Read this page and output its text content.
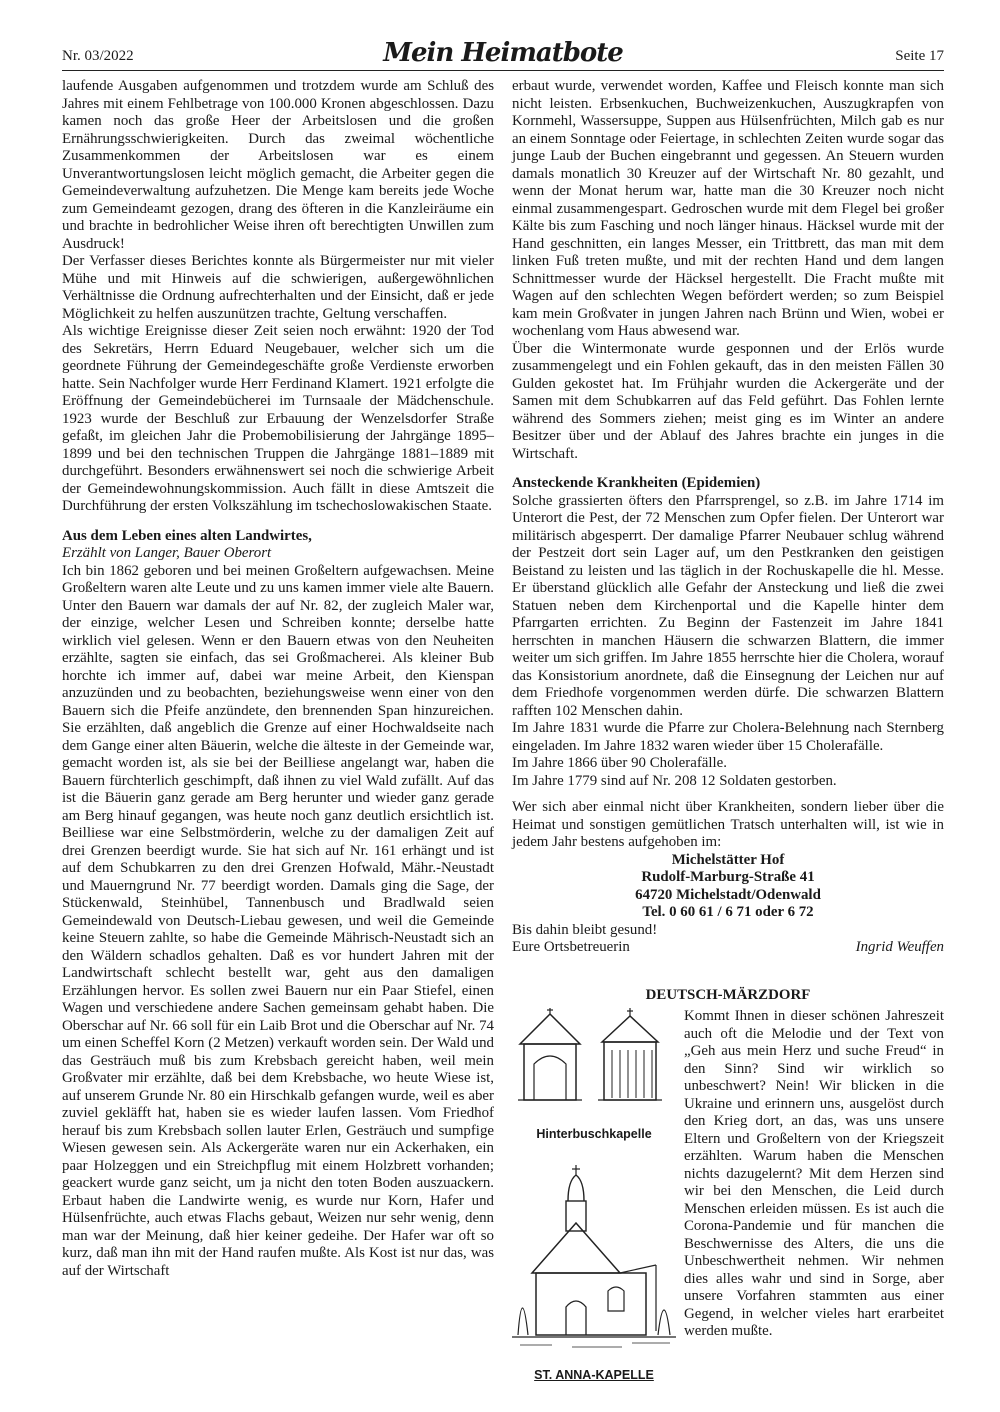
Nr. 03/2022	Mein Heimatbote	Seite 17

laufende Ausgaben aufgenommen und trotzdem wurde am Schluß des Jahres mit einem Fehlbetrage von 100.000 Kronen abgeschlossen. Dazu kamen noch das große Heer der Arbeitslosen und die großen Ernährungsschwierigkeiten. Durch das zweimal wöchentliche Zusammenkommen der Arbeitslosen war es einem Unverantwortungslosen leicht möglich gemacht, die Arbeiter gegen die Gemeindeverwaltung aufzuhetzen. Die Menge kam bereits jede Woche zum Gemeindeamt gezogen, drang des öfteren in die Kanzleiräume ein und brachte in bedrohlicher Weise ihren oft berechtigten Unwillen zum Ausdruck!

Der Verfasser dieses Berichtes konnte als Bürgermeister nur mit vieler Mühe und mit Hinweis auf die schwierigen, außergewöhnlichen Verhältnisse die Ordnung aufrechterhalten und der Einsicht, daß er jede Möglichkeit zu helfen auszunützen trachte, Geltung verschaffen.

Als wichtige Ereignisse dieser Zeit seien noch erwähnt: 1920 der Tod des Sekretärs, Herrn Eduard Neugebauer, welcher sich um die geordnete Führung der Gemeindegeschäfte große Verdienste erworben hatte. Sein Nachfolger wurde Herr Ferdinand Klamert. 1921 erfolgte die Eröffnung der Gemeindebücherei im Turnsaale der Mädchenschule. 1923 wurde der Beschluß zur Erbauung der Wenzelsdorfer Straße gefaßt, im gleichen Jahr die Probemobilisierung der Jahrgänge 1895–1899 und bei den technischen Truppen die Jahrgänge 1881–1889 mit durchgeführt. Besonders erwähnenswert sei noch die schwierige Arbeit der Gemeindewohnungskommission. Auch fällt in diese Amtszeit die Durchführung der ersten Volkszählung im tschechoslowakischen Staate.

Aus dem Leben eines alten Landwirtes,

Erzählt von Langer, Bauer Oberort

Ich bin 1862 geboren und bei meinen Großeltern aufgewachsen. Meine Großeltern waren alte Leute und zu uns kamen immer viele alte Bauern. Unter den Bauern war damals der auf Nr. 82, der zugleich Maler war, der einzige, welcher Lesen und Schreiben konnte; derselbe hatte wirklich viel gelesen. Wenn er den Bauern etwas von den Neuheiten erzählte, sagten sie einfach, das sei Großmacherei. Als kleiner Bub horchte ich immer auf, dabei war meine Arbeit, den Kienspan anzuzünden und zu beobachten, beziehungsweise wenn einer von den Bauern sich die Pfeife anzündete, den brennenden Span hinzureichen. Sie erzählten, daß angeblich die Grenze auf einer Hochwaldseite nach dem Gange einer alten Bäuerin, welche die älteste in der Gemeinde war, gemacht worden ist, als sie bei der Beilliese angelangt war, haben die Bauern fürchterlich geschimpft, daß ihnen zu viel Wald zufällt. Auf das ist die Bäuerin ganz gerade am Berg herunter und wieder ganz gerade am Berg hinauf gegangen, was heute noch ganz deutlich ersichtlich ist. Beilliese war eine Selbstmörderin, welche zu der damaligen Zeit auf drei Grenzen beerdigt wurde. Sie hat sich auf Nr. 161 erhängt und ist auf dem Schubkarren zu den drei Grenzen Hofwald, Mähr.-Neustadt und Mauerngrund Nr. 77 beerdigt worden. Damals ging die Sage, der Stückenwald, Steinhübel, Tannenbusch und Bradlwald seien Gemeindewald von Deutsch-Liebau gewesen, und weil die Gemeinde keine Steuern zahlte, so habe die Gemeinde Mährisch-Neustadt sich an den Wäldern schadlos gehalten. Daß es vor hundert Jahren mit der Landwirtschaft schlecht bestellt war, geht aus den damaligen Erzählungen hervor. Es sollen zwei Bauern nur ein Paar Stiefel, einen Wagen und verschiedene andere Sachen gemeinsam gehabt haben. Die Oberschar auf Nr. 66 soll für ein Laib Brot und die Oberschar auf Nr. 74 um einen Scheffel Korn (2 Metzen) verkauft worden sein. Der Wald und das Gesträuch muß bis zum Krebsbach gereicht haben, weil mein Großvater mir erzählte, daß bei dem Krebsbache, wo heute Wiese ist, auf unserem Grunde Nr. 80 ein Hirschkalb gefangen wurde, weil es aber zuviel gekläfft hat, haben sie es wieder laufen lassen. Vom Friedhof herauf bis zum Krebsbach sollen lauter Erlen, Gesträuch und sumpfige Wiesen gewesen sein. Als Ackergeräte waren nur ein Ackerhaken, ein paar Holzeggen und ein Streichpflug mit einem Holzbrett vorhanden; geackert wurde ganz seicht, um ja nicht den toten Boden auszuackern. Erbaut haben die Landwirte wenig, es wurde nur Korn, Hafer und Hülsenfrüchte, auch etwas Flachs gebaut, Weizen nur sehr wenig, denn man war der Meinung, daß hier keiner gedeihe. Der Hafer war oft so kurz, daß man ihn mit der Hand raufen mußte. Als Kost ist nur das, was auf der Wirtschaft

erbaut wurde, verwendet worden, Kaffee und Fleisch konnte man sich nicht leisten. Erbsenkuchen, Buchweizenkuchen, Auszugkrapfen von Kornmehl, Wassersuppe, Suppen aus Hülsenfrüchten, Milch gab es nur an einem Sonntage oder Feiertage, in schlechten Zeiten wurde sogar das junge Laub der Buchen eingebrannt und gegessen. An Steuern wurden damals monatlich 30 Kreuzer auf der Wirtschaft Nr. 80 gezahlt, und wenn der Monat herum war, hatte man die 30 Kreuzer noch nicht einmal zusammengespart. Gedroschen wurde mit dem Flegel bei großer Kälte bis zum Fasching und noch länger hinaus. Häcksel wurde mit der Hand geschnitten, ein langes Messer, ein Trittbrett, das man mit dem linken Fuß treten mußte, und mit der rechten Hand und dem langen Schnittmesser wurde der Häcksel hergestellt. Die Fracht mußte mit Wagen auf den schlechten Wegen befördert werden; so zum Beispiel kam mein Großvater in jungen Jahren nach Brünn und Wien, wobei er wochenlang vom Haus abwesend war.

Über die Wintermonate wurde gesponnen und der Erlös wurde zusammengelegt und ein Fohlen gekauft, das in den meisten Fällen 30 Gulden gekostet hat. Im Frühjahr wurden die Ackergeräte und der Samen mit dem Schubkarren auf das Feld geführt. Das Fohlen lernte während des Sommers ziehen; meist ging es im Winter an andere Besitzer über und der Ablauf des Jahres brachte ein junges in die Wirtschaft.

Ansteckende Krankheiten (Epidemien)

Solche grassierten öfters den Pfarrsprengel, so z.B. im Jahre 1714 im Unterort die Pest, der 72 Menschen zum Opfer fielen. Der Unterort war militärisch abgesperrt. Der damalige Pfarrer Neubauer schlug während der Pestzeit dort sein Lager auf, um den Pestkranken den geistigen Beistand zu leisten und las täglich in der Rochuskapelle die hl. Messe. Er überstand glücklich alle Gefahr der Ansteckung und ließ die zwei Statuen neben dem Kirchenportal und die Kapelle hinter dem Pfarrgarten errichten. Zu Beginn der Fastenzeit im Jahre 1841 herrschten in manchen Häusern die schwarzen Blattern, die immer weiter um sich griffen. Im Jahre 1855 herrschte hier die Cholera, worauf das Konsistorium anordnete, daß die Einsegnung der Leichen nur auf dem Friedhofe vorgenommen werden dürfe. Die schwarzen Blattern rafften 102 Menschen dahin.

Im Jahre 1831 wurde die Pfarre zur Cholera-Belehnung nach Sternberg eingeladen. Im Jahre 1832 waren wieder über 15 Cholerafälle.

Im Jahre 1866 über 90 Cholerafälle.

Im Jahre 1779 sind auf Nr. 208 12 Soldaten gestorben.

Wer sich aber einmal nicht über Krankheiten, sondern lieber über die Heimat und sonstigen gemütlichen Tratsch unterhalten will, ist wie in jedem Jahr bestens aufgehoben im:

Michelstätter Hof

Rudolf-Marburg-Straße 41

64720 Michelstadt/Odenwald

Tel. 0 60 61 / 6 71 oder 6 72

Bis dahin bleibt gesund!

Eure Ortsbetreuerin	Ingrid Weuffen

DEUTSCH-MÄRZDORF

Hinterbuschkapelle
ST. ANNA-KAPELLE

Kommt Ihnen in dieser schönen Jahreszeit auch oft die Melodie und der Text von „Geh aus mein Herz und suche Freud“ in den Sinn? Sind wir wirklich so unbeschwert? Nein! Wir blicken in die Ukraine und erinnern uns, ausgelöst durch den Krieg dort, an das, was uns unsere Eltern und Großeltern von der Kriegszeit erzählten. Warum haben die Menschen nichts dazugelernt? Mit dem Herzen sind wir bei den Menschen, die Leid durch Menschen erleiden müssen. Es ist auch die Corona-Pandemie und für manchen die Beschwernisse des Alters, die uns die Unbeschwertheit nehmen. Wir nehmen dies alles wahr und sind in Sorge, aber unsere Vorfahren stammten aus einer Gegend, in welcher vieles hart erarbeitet werden mußte.
